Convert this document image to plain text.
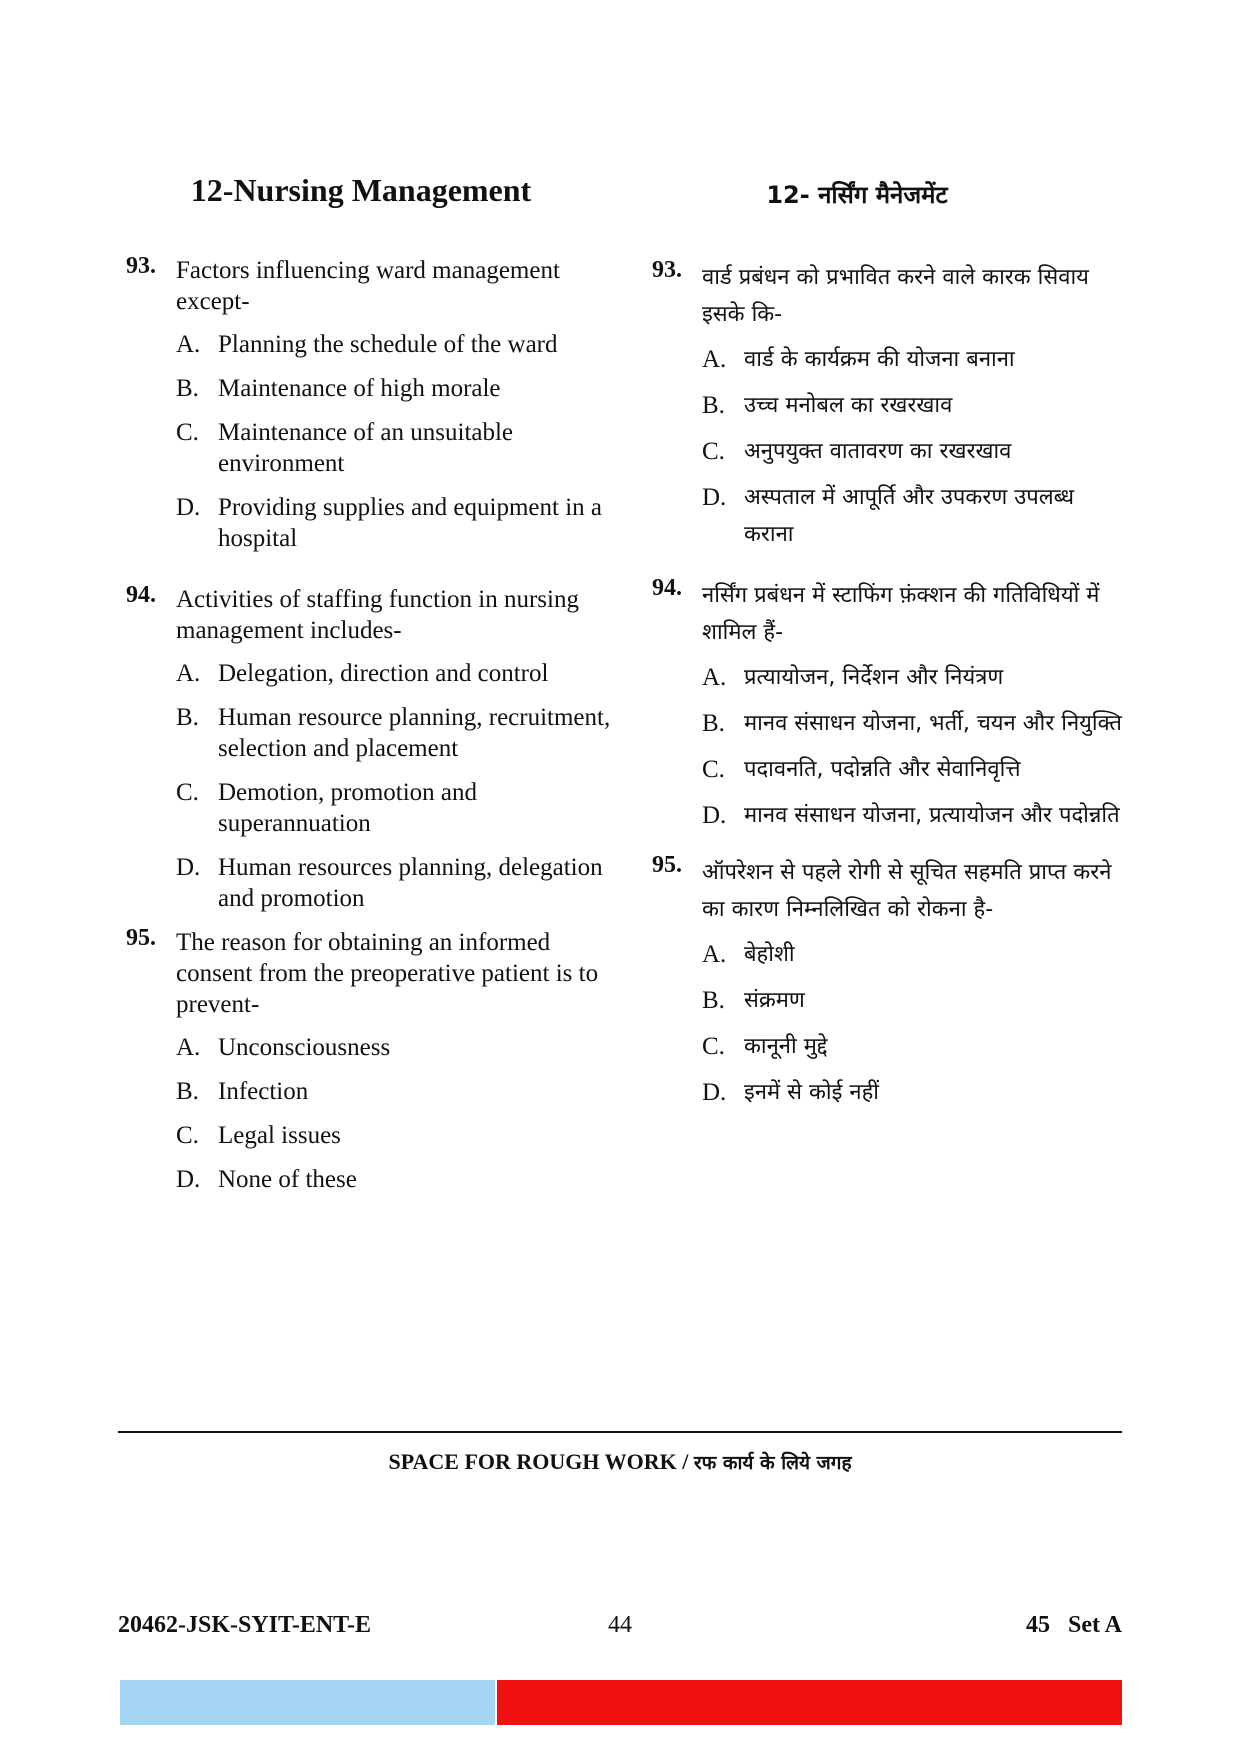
12-Nursing Management
93. Factors influencing ward management except-
A. Planning the schedule of the ward
B. Maintenance of high morale
C. Maintenance of an unsuitable environment
D. Providing supplies and equipment in a hospital
94. Activities of staffing function in nursing management includes-
A. Delegation, direction and control
B. Human resource planning, recruitment, selection and placement
C. Demotion, promotion and superannuation
D. Human resources planning, delegation and promotion
95. The reason for obtaining an informed consent from the preoperative patient is to prevent-
A. Unconsciousness
B. Infection
C. Legal issues
D. None of these
12- नर्सिंग मैनेजमेंट
93. वार्ड प्रबंधन को प्रभावित करने वाले कारक सिवाय इसके कि-
A. वार्ड के कार्यक्रम की योजना बनाना
B. उच्च मनोबल का रखरखाव
C. अनुपयुक्त वातावरण का रखरखाव
D. अस्पताल में आपूर्ति और उपकरण उपलब्ध कराना
94. नर्सिंग प्रबंधन में स्टाफिंग फ़ंक्शन की गतिविधियों में शामिल हैं-
A. प्रत्यायोजन, निर्देशन और नियंत्रण
B. मानव संसाधन योजना, भर्ती, चयन और नियुक्ति
C. पदावनति, पदोन्नति और सेवानिवृत्ति
D. मानव संसाधन योजना, प्रत्यायोजन और पदोन्नति
95. ऑपरेशन से पहले रोगी से सूचित सहमति प्राप्त करने का कारण निम्नलिखित को रोकना है-
A. बेहोशी
B. संक्रमण
C. कानूनी मुद्दे
D. इनमें से कोई नहीं
SPACE FOR ROUGH WORK / रफ कार्य के लिये जगह
20462-JSK-SYIT-ENT-E	44	45   Set A
